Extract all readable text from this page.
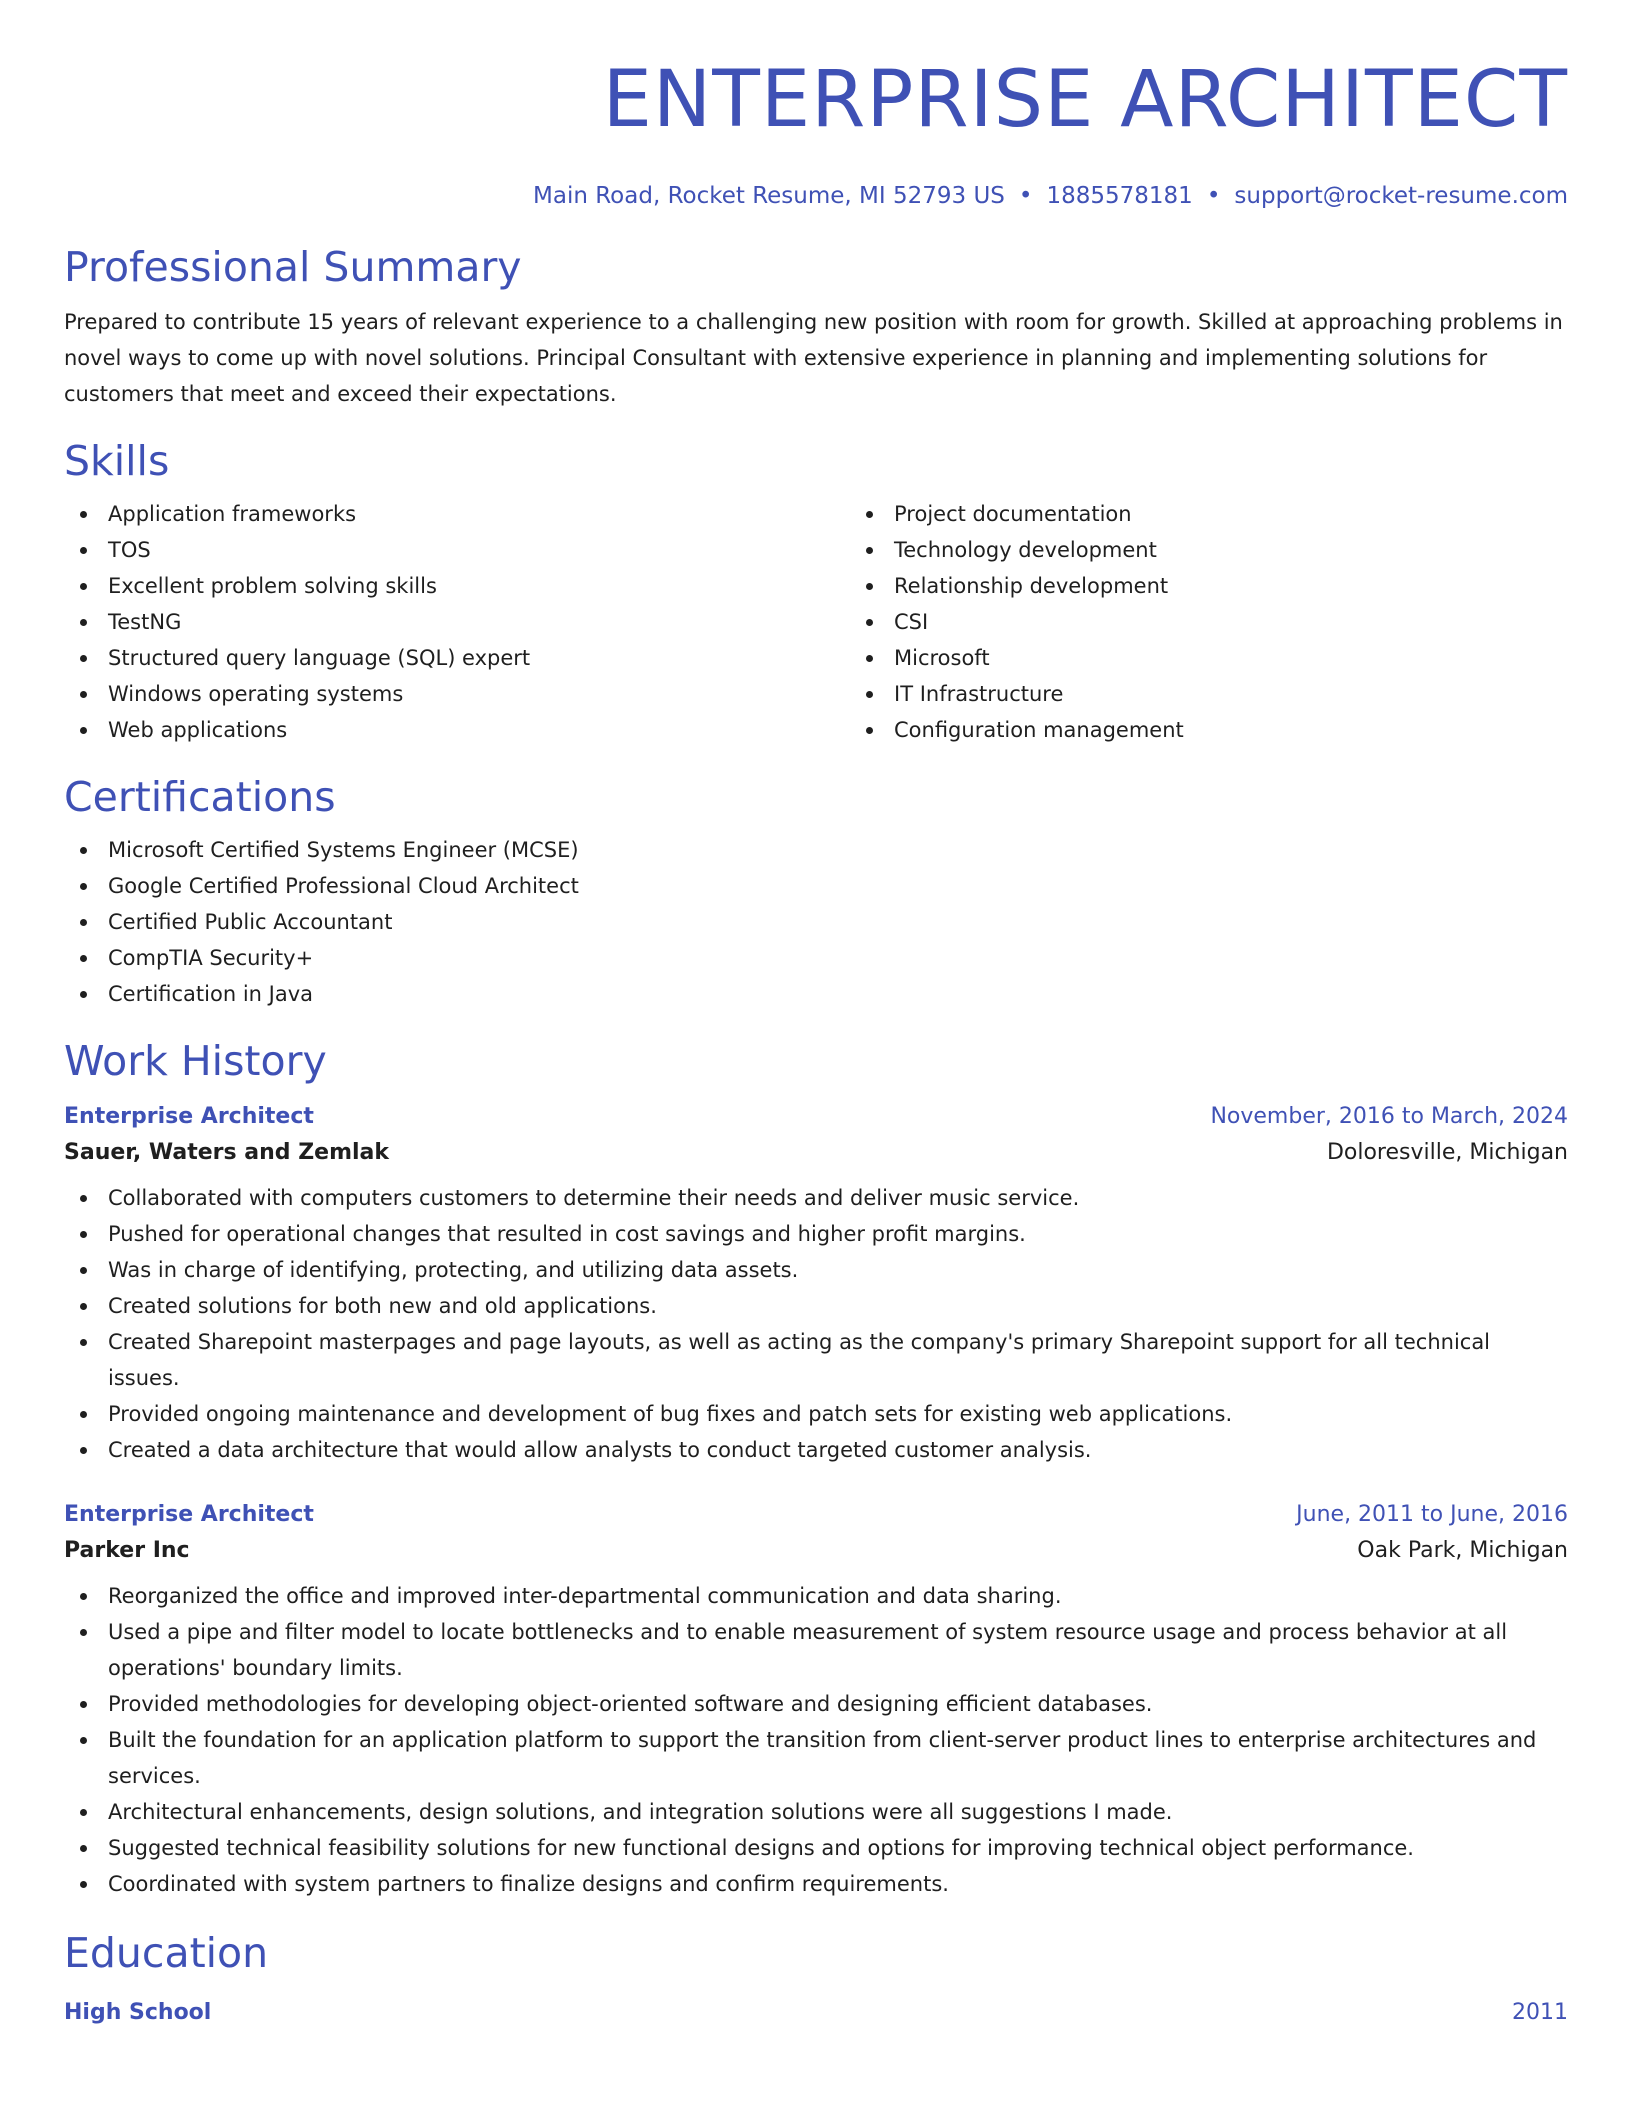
ENTERPRISE ARCHITECT
Main Road, Rocket Resume, MI 52793 US • 1885578181 • support@rocket-resume.com
Professional Summary

Prepared to contribute 15 years of relevant experience to a challenging new position with room for growth. Skilled at approaching problems in novel ways to come up with novel solutions. Principal Consultant with extensive experience in planning and implementing solutions for customers that meet and exceed their expectations.

Skills
Application frameworks
TOS
Excellent problem solving skills
TestNG
Structured query language (SQL) expert
Windows operating systems
Web applications
Project documentation
Technology development
Relationship development
CSI
Microsoft
IT Infrastructure
Configuration management
Certifications
Microsoft Certified Systems Engineer (MCSE)
Google Certified Professional Cloud Architect
Certified Public Accountant
CompTIA Security+
Certification in Java
Work History
Enterprise Architect	November, 2016 to March, 2024
Sauer, Waters and Zemlak	Doloresville, Michigan
Collaborated with computers customers to determine their needs and deliver music service.
Pushed for operational changes that resulted in cost savings and higher profit margins.
Was in charge of identifying, protecting, and utilizing data assets.
Created solutions for both new and old applications.
Created Sharepoint masterpages and page layouts, as well as acting as the company's primary Sharepoint support for all technical issues.
Provided ongoing maintenance and development of bug fixes and patch sets for existing web applications.
Created a data architecture that would allow analysts to conduct targeted customer analysis.
Enterprise Architect	June, 2011 to June, 2016
Parker Inc	Oak Park, Michigan
Reorganized the office and improved inter-departmental communication and data sharing.
Used a pipe and filter model to locate bottlenecks and to enable measurement of system resource usage and process behavior at all operations' boundary limits.
Provided methodologies for developing object-oriented software and designing efficient databases.
Built the foundation for an application platform to support the transition from client-server product lines to enterprise architectures and services.
Architectural enhancements, design solutions, and integration solutions were all suggestions I made.
Suggested technical feasibility solutions for new functional designs and options for improving technical object performance.
Coordinated with system partners to finalize designs and confirm requirements.
Education
High School	2011
